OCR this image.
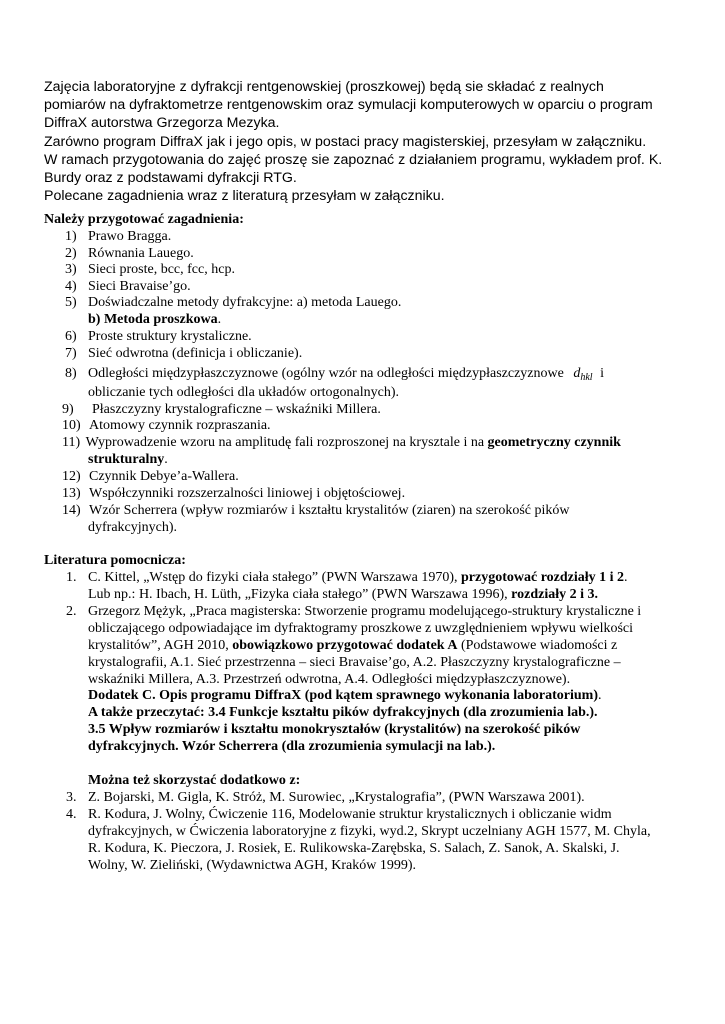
Zajęcia laboratoryjne z dyfrakcji rentgenowskiej (proszkowej) będą sie składać z realnych

pomiarów na dyfraktometrze rentgenowskim oraz symulacji komputerowych w oparciu o program

DiffraX autorstwa Grzegorza Mezyka.

Zarówno program DiffraX jak i jego opis, w postaci pracy magisterskiej, przesyłam w załączniku.

W ramach przygotowania do zajęć proszę sie zapoznać z działaniem programu, wykładem prof. K.

Burdy oraz z podstawami dyfrakcji RTG.

Polecane zagadnienia wraz z literaturą przesyłam w załączniku.

Należy przygotować zagadnienia:
1) Prawo Bragga.
2) Równania Lauego.
3) Sieci proste, bcc, fcc, hcp.
4) Sieci Bravaise’go.
5) Doświadczalne metody dyfrakcyjne: a) metoda Lauego.
b) Metoda proszkowa.
6) Proste struktury krystaliczne.
7) Sieć odwrotna (definicja i obliczanie).
8) Odległości międzypłaszczyznowe (ogólny wzór na odległości międzypłaszczyznowe $d_{hkl}$ i
obliczanie tych odległości dla układów ortogonalnych).
9) Płaszczyzny krystalograficzne – wskaźniki Millera.
10) Atomowy czynnik rozpraszania.
11) Wyprowadzenie wzoru na amplitudę fali rozproszonej na krysztale i na geometryczny czynnik
strukturalny.
12) Czynnik Debye’a-Wallera.
13) Współczynniki rozszerzalności liniowej i objętościowej.
14) Wzór Scherrera (wpływ rozmiarów i kształtu krystalitów (ziaren) na szerokość pików
dyfrakcyjnych).
Literatura pomocnicza:
1. C. Kittel, „Wstęp do fizyki ciała stałego” (PWN Warszawa 1970), przygotować rozdziały 1 i 2.
Lub np.: H. Ibach, H. Lüth, „Fizyka ciała stałego” (PWN Warszawa 1996), rozdziały 2 i 3.
2. Grzegorz Mężyk, „Praca magisterska: Stworzenie programu modelującego-struktury krystaliczne i
obliczającego odpowiadające im dyfraktogramy proszkowe z uwzględnieniem wpływu wielkości
krystalitów”, AGH 2010, obowiązkowo przygotować dodatek A (Podstawowe wiadomości z
krystalografii, A.1. Sieć przestrzenna – sieci Bravaise’go, A.2. Płaszczyzny krystalograficzne –
wskaźniki Millera, A.3. Przestrzeń odwrotna, A.4. Odległości międzypłaszczyznowe).
Dodatek C. Opis programu DiffraX (pod kątem sprawnego wykonania laboratorium).
A także przeczytać: 3.4 Funkcje kształtu pików dyfrakcyjnych (dla zrozumienia lab.).
3.5 Wpływ rozmiarów i kształtu monokryształów (krystalitów) na szerokość pików
dyfrakcyjnych. Wzór Scherrera (dla zrozumienia symulacji na lab.).
Można też skorzystać dodatkowo z:
3. Z. Bojarski, M. Gigla, K. Stróż, M. Surowiec, „Krystalografia”, (PWN Warszawa 2001).
4. R. Kodura, J. Wolny, Ćwiczenie 116, Modelowanie struktur krystalicznych i obliczanie widm
dyfrakcyjnych, w Ćwiczenia laboratoryjne z fizyki, wyd.2, Skrypt uczelniany AGH 1577, M. Chyla,
R. Kodura, K. Pieczora, J. Rosiek, E. Rulikowska-Zarębska, S. Salach, Z. Sanok, A. Skalski, J.
Wolny, W. Zieliński, (Wydawnictwa AGH, Kraków 1999).
